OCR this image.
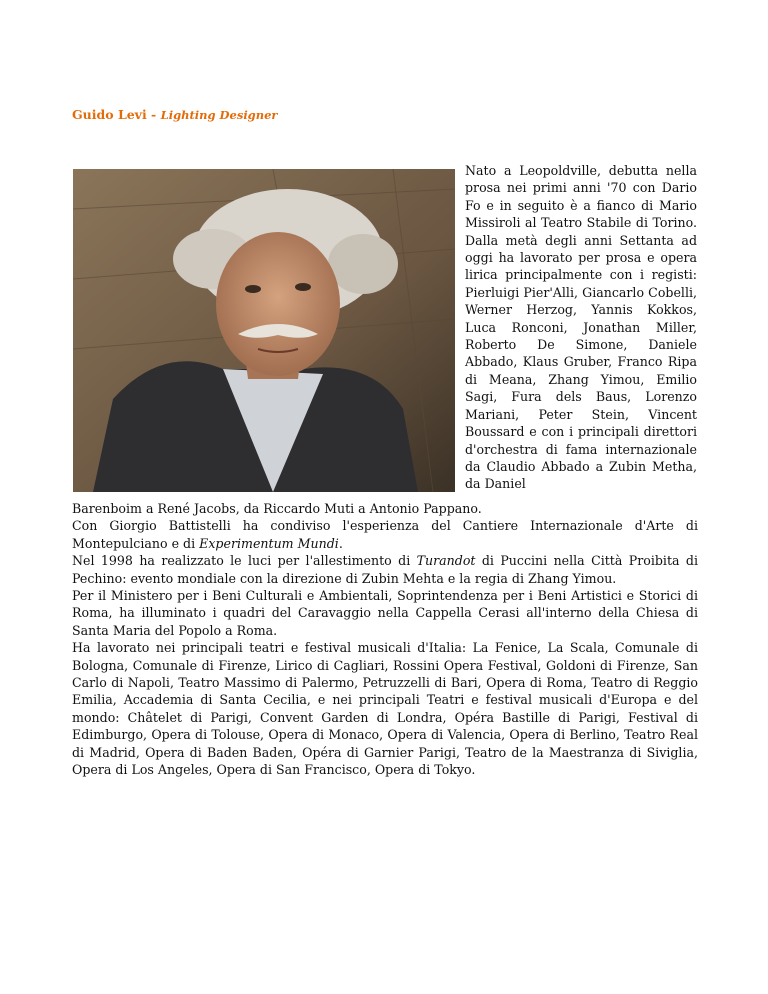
Guido Levi - Lighting Designer
Nato a Leopoldville, debutta nella prosa nei primi anni '70 con Dario Fo e in seguito è a fianco di Mario Missiroli al Teatro Stabile di Torino. Dalla metà degli anni Settanta ad oggi ha lavorato per prosa e opera lirica principalmente con i registi: Pierluigi Pier'Alli, Giancarlo Cobelli, Werner Herzog, Yannis Kokkos, Luca Ronconi, Jonathan Miller, Roberto De Simone, Daniele Abbado, Klaus Gruber, Franco Ripa di Meana, Zhang Yimou, Emilio Sagi, Fura dels Baus, Lorenzo Mariani, Peter Stein, Vincent Boussard e con i principali direttori d'orchestra di fama internazionale da Claudio Abbado a Zubin Metha, da Daniel

Barenboim a René Jacobs, da Riccardo Muti a Antonio Pappano.

Con Giorgio Battistelli ha condiviso l'esperienza del Cantiere Internazionale d'Arte di Montepulciano e di Experimentum Mundi.

Nel 1998 ha realizzato le luci per l'allestimento di Turandot di Puccini nella Città Proibita di Pechino: evento mondiale con la direzione di Zubin Mehta e la regia di Zhang Yimou.

Per il Ministero per i Beni Culturali e Ambientali, Soprintendenza per i Beni Artistici e Storici di Roma, ha illuminato i quadri del Caravaggio nella Cappella Cerasi all'interno della Chiesa di Santa Maria del Popolo a Roma.

Ha lavorato nei principali teatri e festival musicali d'Italia: La Fenice, La Scala, Comunale di Bologna, Comunale di Firenze, Lirico di Cagliari, Rossini Opera Festival, Goldoni di Firenze, San Carlo di Napoli, Teatro Massimo di Palermo, Petruzzelli di Bari, Opera di Roma, Teatro di Reggio Emilia, Accademia di Santa Cecilia, e nei principali Teatri e festival musicali d'Europa e del mondo: Châtelet di Parigi, Convent Garden di Londra, Opéra Bastille di Parigi, Festival di Edimburgo, Opera di Tolouse, Opera di Monaco, Opera di Valencia, Opera di Berlino, Teatro Real di Madrid, Opera di Baden Baden, Opéra di Garnier Parigi, Teatro de la Maestranza di Siviglia, Opera di Los Angeles, Opera di San Francisco, Opera di Tokyo.
